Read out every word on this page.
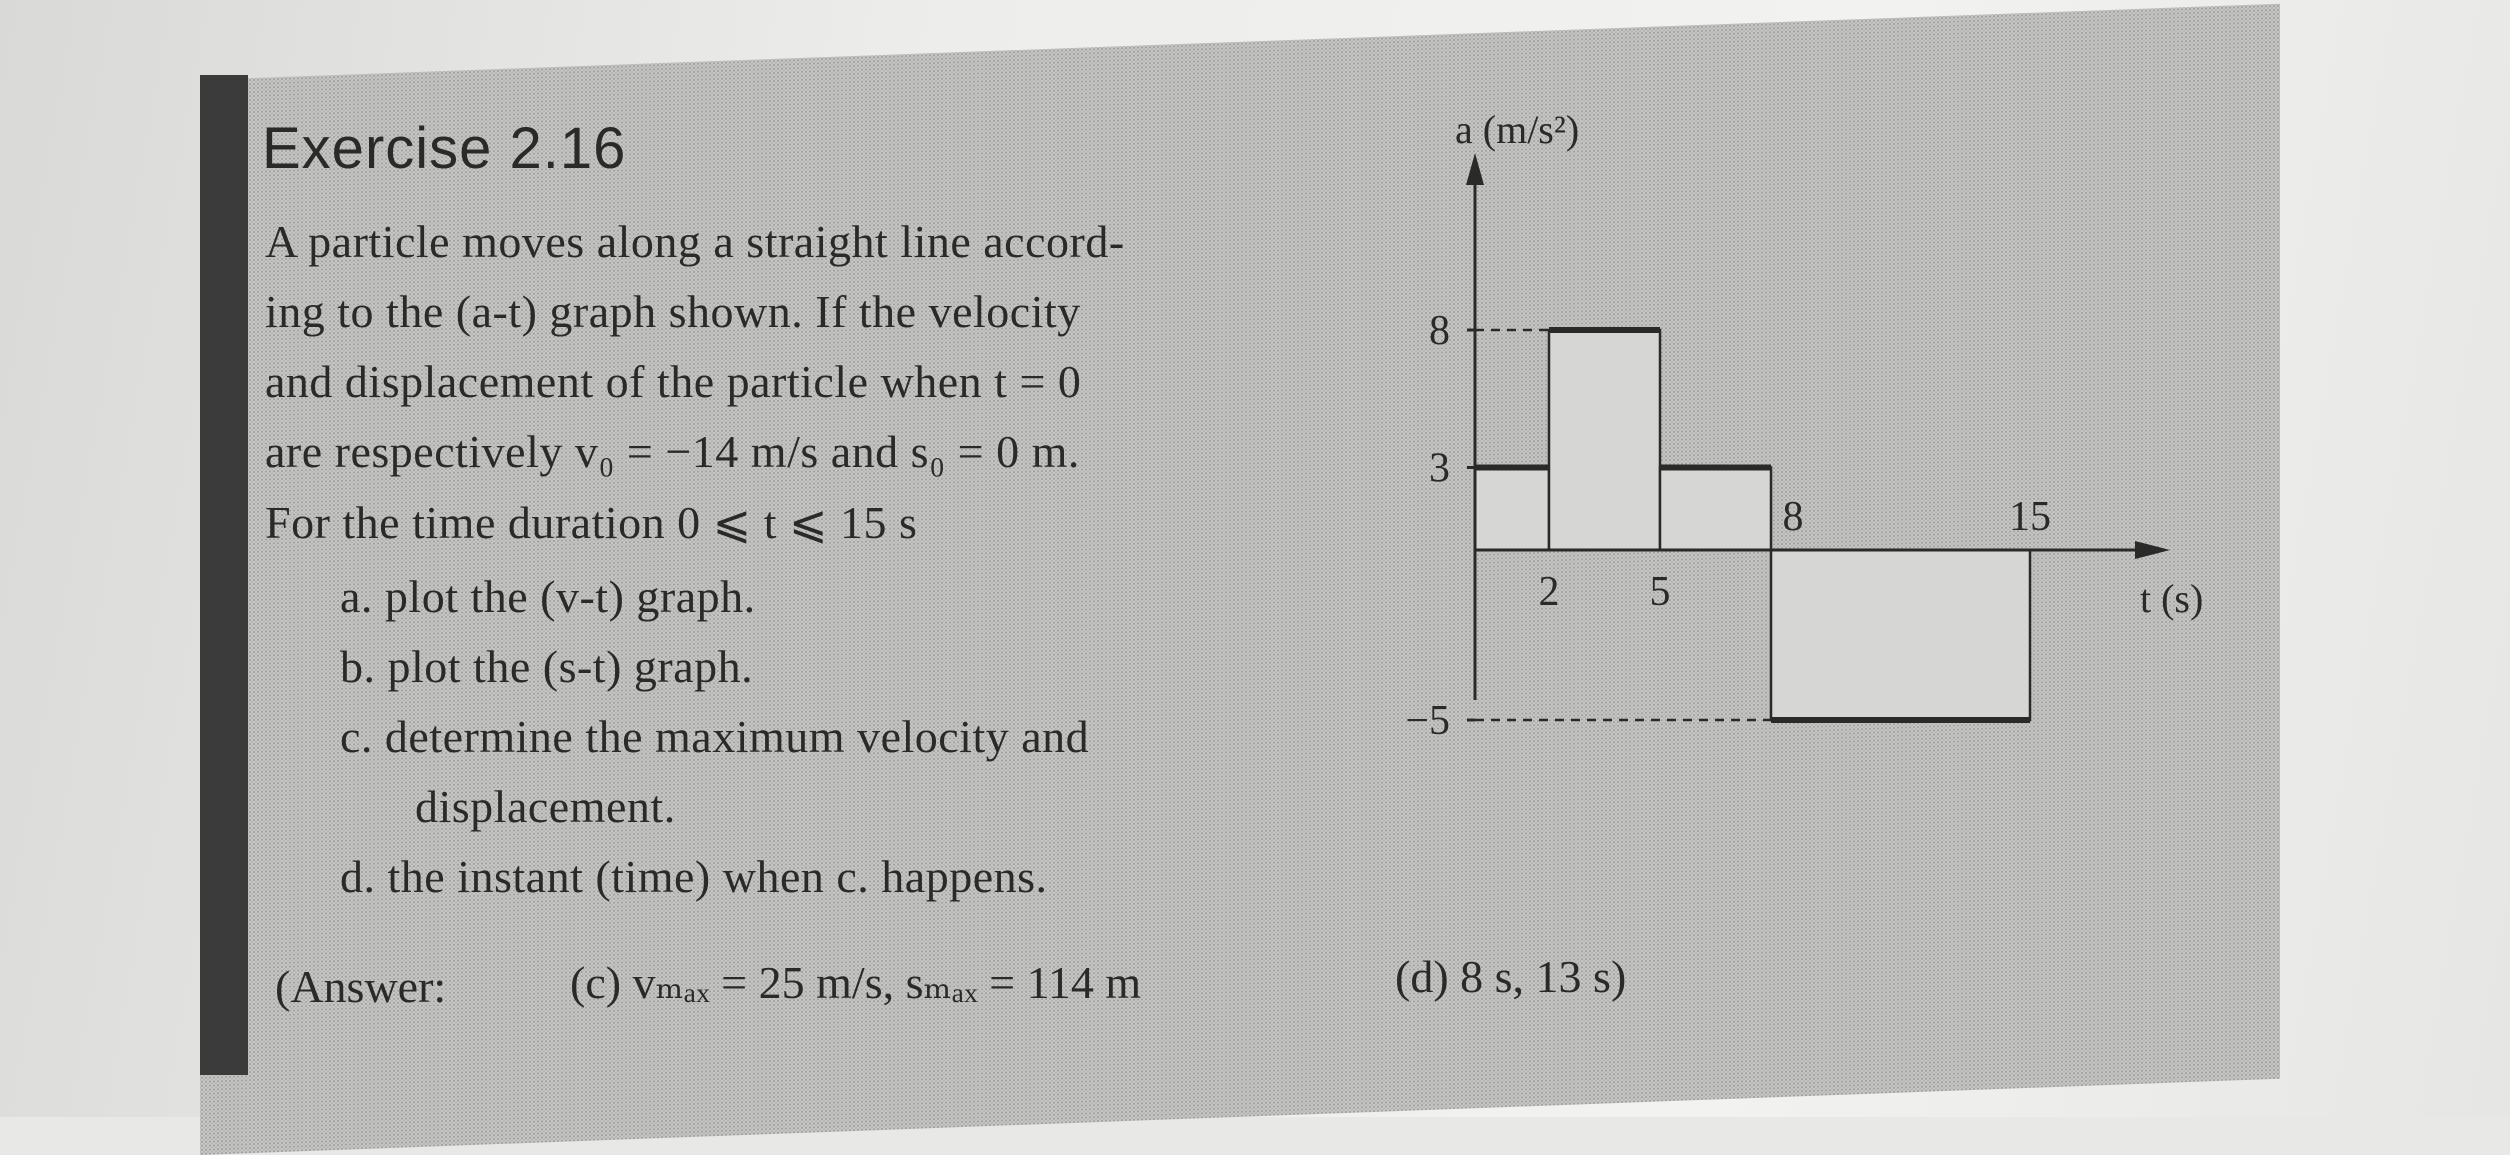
Exercise 2.16
A particle moves along a straight line accord-
ing to the (a-t) graph shown. If the velocity
and displacement of the particle when t = 0
are respectively v₀ = −14 m/s and s₀ = 0 m.
For the time duration 0 ⩽ t ⩽ 15 s
a. plot the (v-t) graph.
b. plot the (s-t) graph.
c. determine the maximum velocity and
displacement.
d. the instant (time) when c. happens.
(Answer:	(c) vₘₐₓ = 25 m/s, sₘₐₓ = 114 m	(d) 8 s, 13 s)
a (m/s²)
t (s)
8
3
−5
2 5
8	15
